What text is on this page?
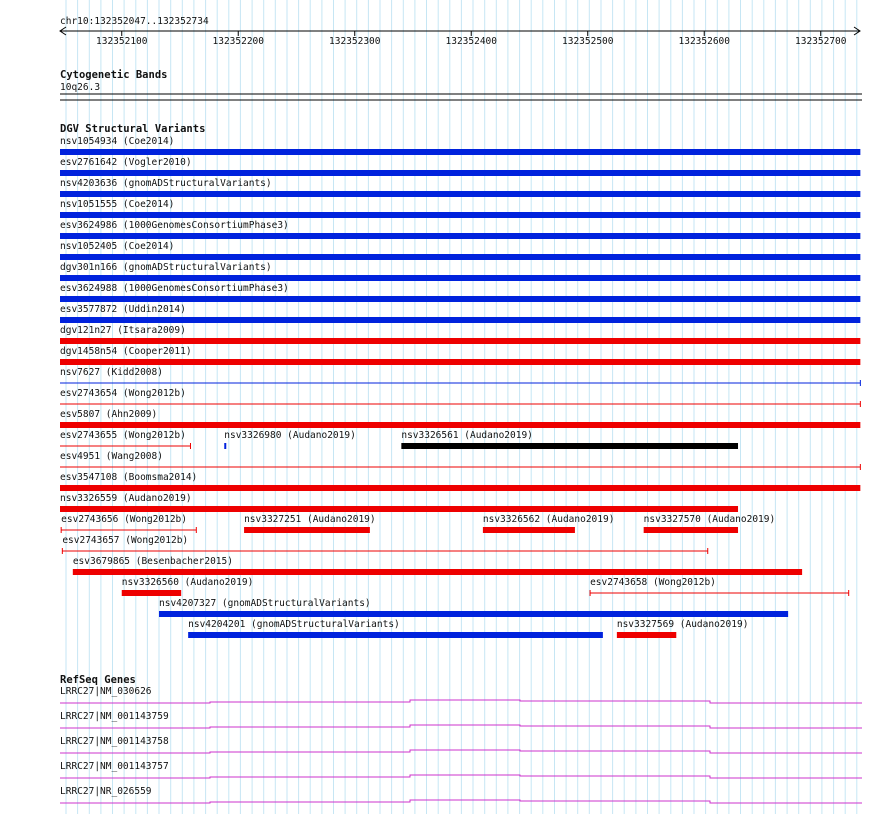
chr10:132352047..132352734
132352100	132352200	132352300	132352400	132352500	132352600	132352700
Cytogenetic Bands
10q26.3
DGV Structural Variants
nsv1054934 (Coe2014)
esv2761642 (Vogler2010)
nsv4203636 (gnomADStructuralVariants)
nsv1051555 (Coe2014)
esv3624986 (1000GenomesConsortiumPhase3)
nsv1052405 (Coe2014)
dgv301n166 (gnomADStructuralVariants)
esv3624988 (1000GenomesConsortiumPhase3)
esv3577872 (Uddin2014)
dgv121n27 (Itsara2009)
dgv1458n54 (Cooper2011)
nsv7627 (Kidd2008)
esv2743654 (Wong2012b)
esv5807 (Ahn2009)
esv2743655 (Wong2012b)	nsv3326980 (Audano2019)	nsv3326561 (Audano2019)
esv4951 (Wang2008)
esv3547108 (Boomsma2014)
nsv3326559 (Audano2019)
esv2743656 (Wong2012b)	nsv3327251 (Audano2019)	nsv3326562 (Audano2019)	nsv3327570 (Audano2019)
esv2743657 (Wong2012b)
esv3679865 (Besenbacher2015)
nsv3326560 (Audano2019)	esv2743658 (Wong2012b)
nsv4207327 (gnomADStructuralVariants)
nsv4204201 (gnomADStructuralVariants)	nsv3327569 (Audano2019)
RefSeq Genes
LRRC27|NM_030626
LRRC27|NM_001143759
LRRC27|NM_001143758
LRRC27|NM_001143757
LRRC27|NR_026559
